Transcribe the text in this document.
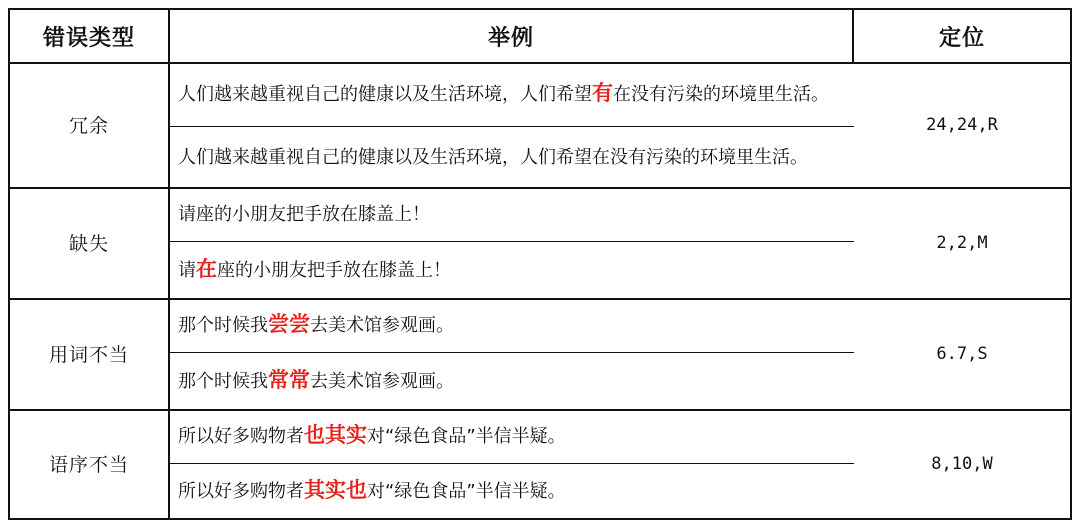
错误类型	举例	定位
冗余
人们越来越重视自己的健康以及生活环境，人们希望有在没有污染的环境里生活。
人们越来越重视自己的健康以及生活环境，人们希望在没有污染的环境里生活。
24,24,R
缺失
请座的小朋友把手放在膝盖上！
请在座的小朋友把手放在膝盖上！
2,2,M
用词不当
那个时候我尝尝去美术馆参观画。
那个时候我常常去美术馆参观画。
6.7,S
语序不当
所以好多购物者也其实对“绿色食品”半信半疑。
所以好多购物者其实也对“绿色食品”半信半疑。
8,10,W
